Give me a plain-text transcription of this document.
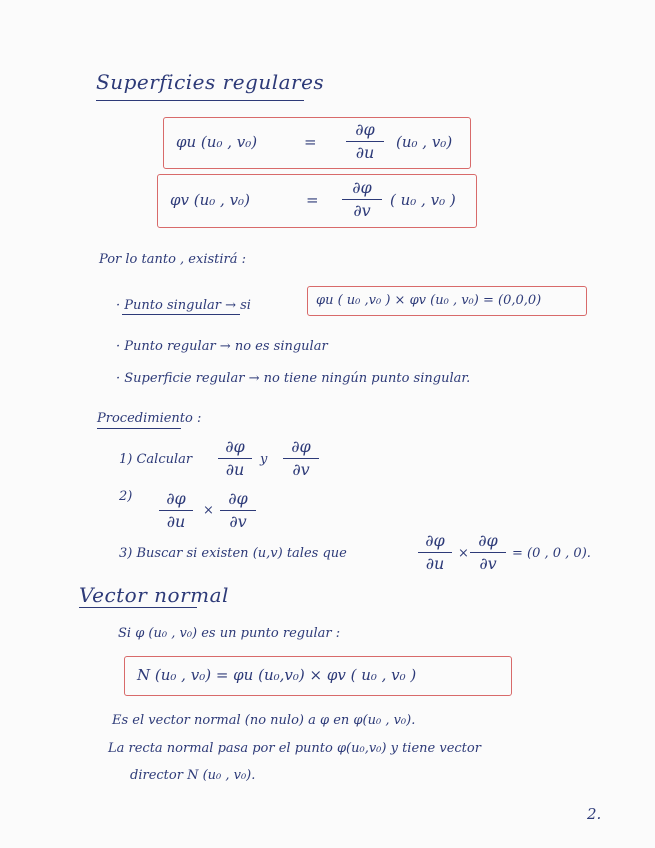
Superficies regulares
φu (u₀ , v₀)	=
∂φ
∂u
(u₀ , v₀)
φv (u₀ , v₀)	=
∂φ
∂v
( u₀ , v₀ )
Por lo tanto , existirá :
· Punto singular → si	φu ( u₀ ,v₀ ) × φv (u₀ , v₀) = (0,0,0)
· Punto regular → no es singular
· Superficie regular → no tiene ningún punto singular.
Procedimiento :
1) Calcular
∂φ
∂u
y
∂φ
∂v
2)	∂φ
∂u
×
∂φ
∂v
3) Buscar si existen (u,v) tales que
∂φ
∂u
×
∂φ
∂v
= (0 , 0 , 0).
Vector normal
Si φ (u₀ , v₀) es un punto regular :
N (u₀ , v₀) = φu (u₀,v₀) × φv ( u₀ , v₀ )
Es el vector normal (no nulo) a φ en φ(u₀ , v₀).
La recta normal pasa por el punto φ(u₀,v₀) y tiene vector
director N (u₀ , v₀).
2.
